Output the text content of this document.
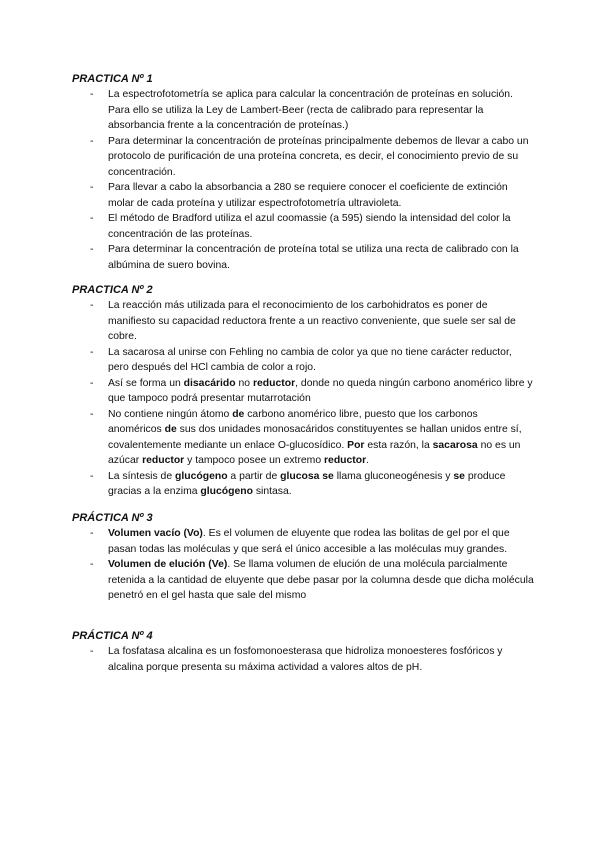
PRACTICA Nº 1

- La espectrofotometría se aplica para calcular la concentración de proteínas en solución. Para ello se utiliza la Ley de Lambert-Beer (recta de calibrado para representar la absorbancia frente a la concentración de proteínas.)
- Para determinar la concentración de proteínas principalmente debemos de llevar a cabo un protocolo de purificación de una proteína concreta, es decir, el conocimiento previo de su concentración.
- Para llevar a cabo la absorbancia a 280 se requiere conocer el coeficiente de extinción molar de cada proteína y utilizar espectrofotometría ultravioleta.
- El método de Bradford utiliza el azul coomassie (a 595) siendo la intensidad del color la concentración de las proteínas.
- Para determinar la concentración de proteína total se utiliza una recta de calibrado con la albúmina de suero bovina.

PRACTICA Nº 2

- La reacción más utilizada para el reconocimiento de los carbohidratos es poner de manifiesto su capacidad reductora frente a un reactivo conveniente, que suele ser sal de cobre.
- La sacarosa al unirse con Fehling no cambia de color ya que no tiene carácter reductor, pero después del HCl cambia de color a rojo.
- Así se forma un disacárido no reductor, donde no queda ningún carbono anomérico libre y que tampoco podrá presentar mutarrotación
- No contiene ningún átomo de carbono anomérico libre, puesto que los carbonos anoméricos de sus dos unidades monosacáridos constituyentes se hallan unidos entre sí, covalentemente mediante un enlace O-glucosídico. Por esta razón, la sacarosa no es un azúcar reductor y tampoco posee un extremo reductor.
- La síntesis de glucógeno a partir de glucosa se llama gluconeogénesis y se produce gracias a la enzima glucógeno sintasa.

PRÁCTICA Nº 3

- Volumen vacío (Vo). Es el volumen de eluyente que rodea las bolitas de gel por el que pasan todas las moléculas y que será el único accesible a las moléculas muy grandes.
- Volumen de elución (Ve). Se llama volumen de elución de una molécula parcialmente retenida a la cantidad de eluyente que debe pasar por la columna desde que dicha molécula penetró en el gel hasta que sale del mismo

PRÁCTICA Nº 4

- La fosfatasa alcalina es un fosfomonoesterasa que hidroliza monoesteres fosfóricos y alcalina porque presenta su máxima actividad a valores altos de pH.
